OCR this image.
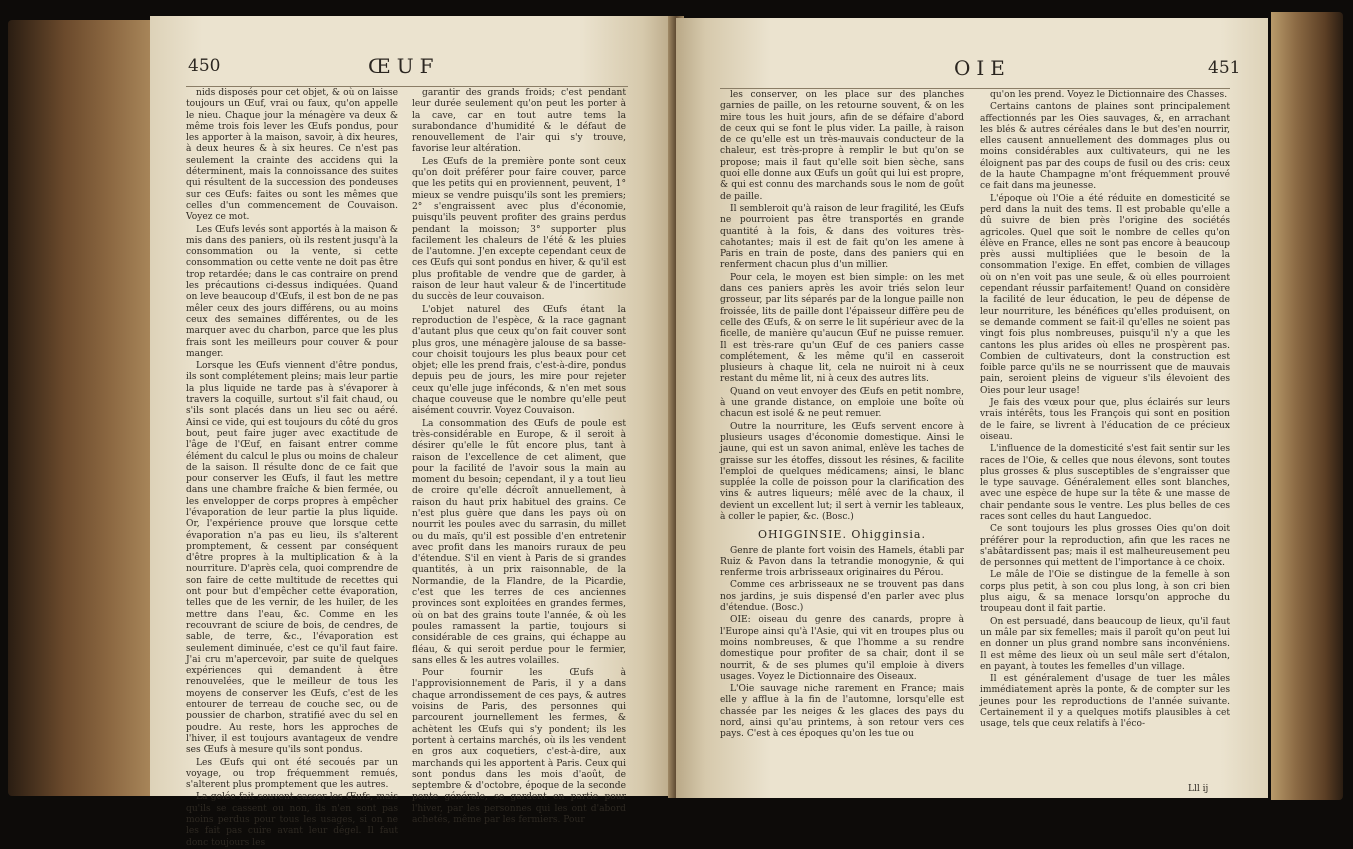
450	ŒUF

nids disposés pour cet objet, & où on laisse toujours un Œuf, vrai ou faux, qu'on appelle le nieu. Chaque jour la ménagère va deux & même trois fois lever les Œufs pondus, pour les apporter à la maison, savoir, à dix heures, à deux heures & à six heures. Ce n'est pas seulement la crainte des accidens qui la déterminent, mais la connoissance des suites qui résultent de la succession des pondeuses sur ces Œufs: faites ou sont les mêmes que celles d'un commencement de Couvaison. Voyez ce mot.

Les Œufs levés sont apportés à la maison & mis dans des paniers, où ils restent jusqu'à la consommation ou la vente, si cette consommation ou cette vente ne doit pas être trop retardée; dans le cas contraire on prend les précautions ci-dessus indiquées. Quand on leve beaucoup d'Œufs, il est bon de ne pas mêler ceux des jours différens, ou au moins ceux des semaines différentes, ou de les marquer avec du charbon, parce que les plus frais sont les meilleurs pour couver & pour manger.

Lorsque les Œufs viennent d'être pondus, ils sont complétement pleins; mais leur partie la plus liquide ne tarde pas à s'évaporer à travers la coquille, surtout s'il fait chaud, ou s'ils sont placés dans un lieu sec ou aéré. Ainsi ce vide, qui est toujours du côté du gros bout, peut faire juger avec exactitude de l'âge de l'Œuf, en faisant entrer comme élément du calcul le plus ou moins de chaleur de la saison. Il résulte donc de ce fait que pour conserver les Œufs, il faut les mettre dans une chambre fraîche & bien fermée, ou les envelopper de corps propres à empêcher l'évaporation de leur partie la plus liquide. Or, l'expérience prouve que lorsque cette évaporation n'a pas eu lieu, ils s'alterent promptement, & cessent par conséquent d'être propres à la multiplication & à la nourriture. D'après cela, quoi comprendre de son faire de cette multitude de recettes qui ont pour but d'empêcher cette évaporation, telles que de les vernir, de les huiler, de les mettre dans l'eau, &c. Comme en les recouvrant de sciure de bois, de cendres, de sable, de terre, &c., l'évaporation est seulement diminuée, c'est ce qu'il faut faire. J'ai cru m'apercevoir, par suite de quelques expériences qui demandent à être renouvelées, que le meilleur de tous les moyens de conserver les Œufs, c'est de les entourer de terreau de couche sec, ou de poussier de charbon, stratifié avec du sel en poudre. Au reste, hors les approches de l'hiver, il est toujours avantageux de vendre ses Œufs à mesure qu'ils sont pondus.

Les Œufs qui ont été secoués par un voyage, ou trop fréquemment remués, s'alterent plus promptement que les autres.

La gelée fait souvent casser les Œufs, mais qu'ils se cassent ou non, ils n'en sont pas moins perdus pour tous les usages, si on ne les fait pas cuire avant leur dégel. Il faut donc toujours les

garantir des grands froids; c'est pendant leur durée seulement qu'on peut les porter à la cave, car en tout autre tems la surabondance d'humidité & le défaut de renouvellement de l'air qui s'y trouve, favorise leur altération.

Les Œufs de la première ponte sont ceux qu'on doit préférer pour faire couver, parce que les petits qui en proviennent, peuvent, 1° mieux se vendre puisqu'ils sont les premiers; 2° s'engraissent avec plus d'économie, puisqu'ils peuvent profiter des grains perdus pendant la moisson; 3° supporter plus facilement les chaleurs de l'été & les pluies de l'automne. J'en excepte cependant ceux de ces Œufs qui sont pondus en hiver, & qu'il est plus profitable de vendre que de garder, à raison de leur haut valeur & de l'incertitude du succès de leur couvaison.

L'objet naturel des Œufs étant la reproduction de l'espèce, & la race gagnant d'autant plus que ceux qu'on fait couver sont plus gros, une ménagère jalouse de sa basse-cour choisit toujours les plus beaux pour cet objet; elle les prend frais, c'est-à-dire, pondus depuis peu de jours, les mire pour rejeter ceux qu'elle juge inféconds, & n'en met sous chaque couveuse que le nombre qu'elle peut aisément couvrir. Voyez Couvaison.

La consommation des Œufs de poule est très-considérable en Europe, & il seroit à désirer qu'elle le fût encore plus, tant à raison de l'excellence de cet aliment, que pour la facilité de l'avoir sous la main au moment du besoin; cependant, il y a tout lieu de croire qu'elle décroît annuellement, à raison du haut prix habituel des grains. Ce n'est plus guère que dans les pays où on nourrit les poules avec du sarrasin, du millet ou du maïs, qu'il est possible d'en entretenir avec profit dans les manoirs ruraux de peu d'étendue. S'il en vient à Paris de si grandes quantités, à un prix raisonnable, de la Normandie, de la Flandre, de la Picardie, c'est que les terres de ces anciennes provinces sont exploitées en grandes fermes, où on bat des grains toute l'année, & où les poules ramassent la partie, toujours si considérable de ces grains, qui échappe au fléau, & qui seroit perdue pour le fermier, sans elles & les autres volailles.

Pour fournir les Œufs à l'approvisionnement de Paris, il y a dans chaque arrondissement de ces pays, & autres voisins de Paris, des personnes qui parcourent journellement les fermes, & achètent les Œufs qui s'y pondent; ils les portent à certains marchés, où ils les vendent en gros aux coquetiers, c'est-à-dire, aux marchands qui les apportent à Paris. Ceux qui sont pondus dans les mois d'août, de septembre & d'octobre, époque de la seconde ponte générale, se gardent en partie pour l'hiver, par les personnes qui les ont d'abord achetés, même par les fermiers. Pour

OIE	451

les conserver, on les place sur des planches garnies de paille, on les retourne souvent, & on les mire tous les huit jours, afin de se défaire d'abord de ceux qui se font le plus vider. La paille, à raison de ce qu'elle est un très-mauvais conducteur de la chaleur, est très-propre à remplir le but qu'on se propose; mais il faut qu'elle soit bien sèche, sans quoi elle donne aux Œufs un goût qui lui est propre, & qui est connu des marchands sous le nom de goût de paille.

Il sembleroit qu'à raison de leur fragilité, les Œufs ne pourroient pas être transportés en grande quantité à la fois, & dans des voitures très-cahotantes; mais il est de fait qu'on les amene à Paris en train de poste, dans des paniers qui en renferment chacun plus d'un millier.

Pour cela, le moyen est bien simple: on les met dans ces paniers après les avoir triés selon leur grosseur, par lits séparés par de la longue paille non froissée, lits de paille dont l'épaisseur diffère peu de celle des Œufs, & on serre le lit supérieur avec de la ficelle, de manière qu'aucun Œuf ne puisse remuer. Il est très-rare qu'un Œuf de ces paniers casse complétement, & les même qu'il en casseroit plusieurs à chaque lit, cela ne nuiroit ni à ceux restant du même lit, ni à ceux des autres lits.

Quand on veut envoyer des Œufs en petit nombre, à une grande distance, on emploie une boîte où chacun est isolé & ne peut remuer.

Outre la nourriture, les Œufs servent encore à plusieurs usages d'économie domestique. Ainsi le jaune, qui est un savon animal, enlève les taches de graisse sur les étoffes, dissout les résines, & facilite l'emploi de quelques médicamens; ainsi, le blanc supplée la colle de poisson pour la clarification des vins & autres liqueurs; mêlé avec de la chaux, il devient un excellent lut; il sert à vernir les tableaux, à coller le papier, &c. (Bosc.)

OHIGGINSIE. Ohigginsia.

Genre de plante fort voisin des Hamels, établi par Ruiz & Pavon dans la tetrandie monogynie, & qui renferme trois arbrisseaux originaires du Pérou.

Comme ces arbrisseaux ne se trouvent pas dans nos jardins, je suis dispensé d'en parler avec plus d'étendue. (Bosc.)

OIE: oiseau du genre des canards, propre à l'Europe ainsi qu'à l'Asie, qui vit en troupes plus ou moins nombreuses, & que l'homme a su rendre domestique pour profiter de sa chair, dont il se nourrit, & de ses plumes qu'il emploie à divers usages. Voyez le Dictionnaire des Oiseaux.

L'Oie sauvage niche rarement en France; mais elle y afflue à la fin de l'automne, lorsqu'elle est chassée par les neiges & les glaces des pays du nord, ainsi qu'au printems, à son retour vers ces pays. C'est à ces époques qu'on les tue ou

qu'on les prend. Voyez le Dictionnaire des Chasses.

Certains cantons de plaines sont principalement affectionnés par les Oies sauvages, &, en arrachant les blés & autres céréales dans le but des'en nourrir, elles causent annuellement des dommages plus ou moins considérables aux cultivateurs, qui ne les éloignent pas par des coups de fusil ou des cris: ceux de la haute Champagne m'ont fréquemment prouvé ce fait dans ma jeunesse.

L'époque où l'Oie a été réduite en domesticité se perd dans la nuit des tems. Il est probable qu'elle a dû suivre de bien près l'origine des sociétés agricoles. Quel que soit le nombre de celles qu'on élève en France, elles ne sont pas encore à beaucoup près aussi multipliées que le besoin de la consommation l'exige. En effet, combien de villages où on n'en voit pas une seule, & où elles pourroient cependant réussir parfaitement! Quand on considère la facilité de leur éducation, le peu de dépense de leur nourriture, les bénéfices qu'elles produisent, on se demande comment se fait-il qu'elles ne soient pas vingt fois plus nombreuses, puisqu'il n'y a que les cantons les plus arides où elles ne prospèrent pas. Combien de cultivateurs, dont la construction est foible parce qu'ils ne se nourrissent que de mauvais pain, seroient pleins de vigueur s'ils élevoient des Oies pour leur usage!

Je fais des vœux pour que, plus éclairés sur leurs vrais intérêts, tous les François qui sont en position de le faire, se livrent à l'éducation de ce précieux oiseau.

L'influence de la domesticité s'est fait sentir sur les races de l'Oie, & celles que nous élevons, sont toutes plus grosses & plus susceptibles de s'engraisser que le type sauvage. Généralement elles sont blanches, avec une espèce de hupe sur la tête & une masse de chair pendante sous le ventre. Les plus belles de ces races sont celles du haut Languedoc.

Ce sont toujours les plus grosses Oies qu'on doit préférer pour la reproduction, afin que les races ne s'abâtardissent pas; mais il est malheureusement peu de personnes qui mettent de l'importance à ce choix.

Le mâle de l'Oie se distingue de la femelle à son corps plus petit, à son cou plus long, à son cri bien plus aigu, & sa menace lorsqu'on approche du troupeau dont il fait partie.

On est persuadé, dans beaucoup de lieux, qu'il faut un mâle par six femelles; mais il paroît qu'on peut lui en donner un plus grand nombre sans inconvéniens. Il est même des lieux où un seul mâle sert d'étalon, en payant, à toutes les femelles d'un village.

Il est généralement d'usage de tuer les mâles immédiatement après la ponte, & de compter sur les jeunes pour les reproductions de l'année suivante. Certainement il y a quelques motifs plausibles à cet usage, tels que ceux relatifs à l'éco-

Lll ij
